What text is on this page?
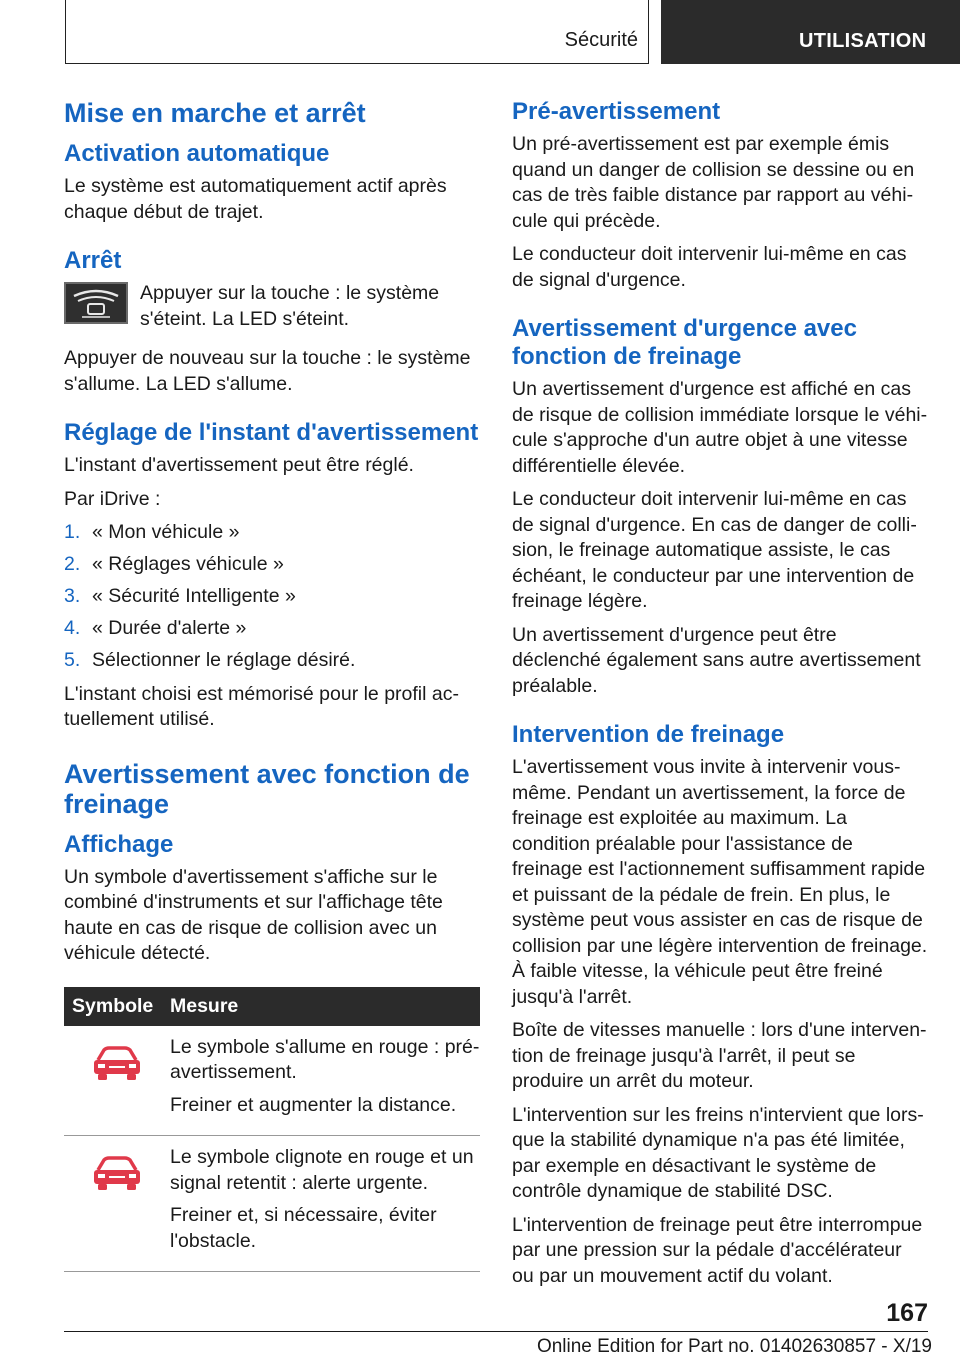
Sécurité	UTILISATION
Mise en marche et arrêt
Activation automatique
Le système est automatiquement actif après chaque début de trajet.
Arrêt
Appuyer sur la touche : le système s'éteint. La LED s'éteint.
Appuyer de nouveau sur la touche : le système s'allume. La LED s'allume.
Réglage de l'instant d'avertissement
L'instant d'avertissement peut être réglé.
Par iDrive :
1. « Mon véhicule »
2. « Réglages véhicule »
3. « Sécurité Intelligente »
4. « Durée d'alerte »
5. Sélectionner le réglage désiré.
L'instant choisi est mémorisé pour le profil actuellement utilisé.
Avertissement avec fonction de freinage
Affichage
Un symbole d'avertissement s'affiche sur le combiné d'instruments et sur l'affichage tête haute en cas de risque de collision avec un véhicule détecté.
Symbole	Mesure

Le symbole s'allume en rouge : pré-avertissement.
Freiner et augmenter la distance.

Le symbole clignote en rouge et un signal retentit : alerte urgente.
Freiner et, si nécessaire, éviter l'obstacle.
Pré-avertissement
Un pré-avertissement est par exemple émis quand un danger de collision se dessine ou en cas de très faible distance par rapport au véhicule qui précède.
Le conducteur doit intervenir lui-même en cas de signal d'urgence.
Avertissement d'urgence avec fonction de freinage
Un avertissement d'urgence est affiché en cas de risque de collision immédiate lorsque le véhicule s'approche d'un autre objet à une vitesse différentielle élevée.
Le conducteur doit intervenir lui-même en cas de signal d'urgence. En cas de danger de collision, le freinage automatique assiste, le cas échéant, le conducteur par une intervention de freinage légère.
Un avertissement d'urgence peut être déclenché également sans autre avertissement préalable.
Intervention de freinage
L'avertissement vous invite à intervenir vous-même. Pendant un avertissement, la force de freinage est exploitée au maximum. La condition préalable pour l'assistance de freinage est l'actionnement suffisamment rapide et puissant de la pédale de frein. En plus, le système peut vous assister en cas de risque de collision par une légère intervention de freinage. À faible vitesse, la véhicule peut être freiné jusqu'à l'arrêt.
Boîte de vitesses manuelle : lors d'une intervention de freinage jusqu'à l'arrêt, il peut se produire un arrêt du moteur.
L'intervention sur les freins n'intervient que lorsque la stabilité dynamique n'a pas été limitée, par exemple en désactivant le système de contrôle dynamique de stabilité DSC.
L'intervention de freinage peut être interrompue par une pression sur la pédale d'accélérateur ou par un mouvement actif du volant.
167
Online Edition for Part no. 01402630857 - X/19
